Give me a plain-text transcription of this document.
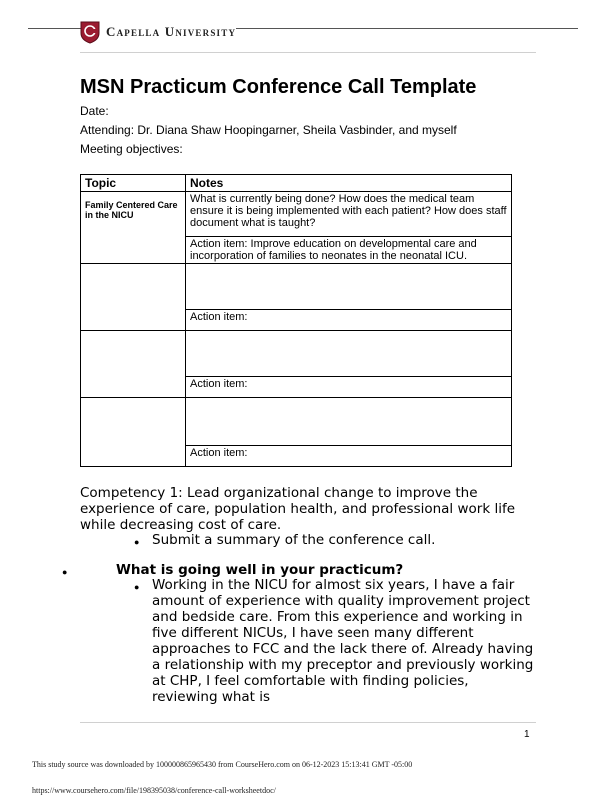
Capella University
MSN Practicum Conference Call Template
Date:
Attending: Dr. Diana Shaw Hoopingarner, Sheila Vasbinder, and myself
Meeting objectives:
Topic	Notes
Family Centered Care in the NICU	What is currently being done? How does the medical team ensure it is being implemented with each patient? How does staff document what is taught?
	Action item: Improve education on developmental care and incorporation of families to neonates in the neonatal ICU.

	Action item:

	Action item:

	Action item:
Competency 1: Lead organizational change to improve the experience of care, population health, and professional work life while decreasing cost of care.
● Submit a summary of the conference call.
●	What is going well in your practicum?
● Working in the NICU for almost six years, I have a fair amount of experience with quality improvement project and bedside care. From this experience and working in five different NICUs, I have seen many different approaches to FCC and the lack there of. Already having a relationship with my preceptor and previously working at CHP, I feel comfortable with finding policies, reviewing what is
1
This study source was downloaded by 100000865965430 from CourseHero.com on 06-12-2023 15:13:41 GMT -05:00
https://www.coursehero.com/file/198395038/conference-call-worksheetdoc/
